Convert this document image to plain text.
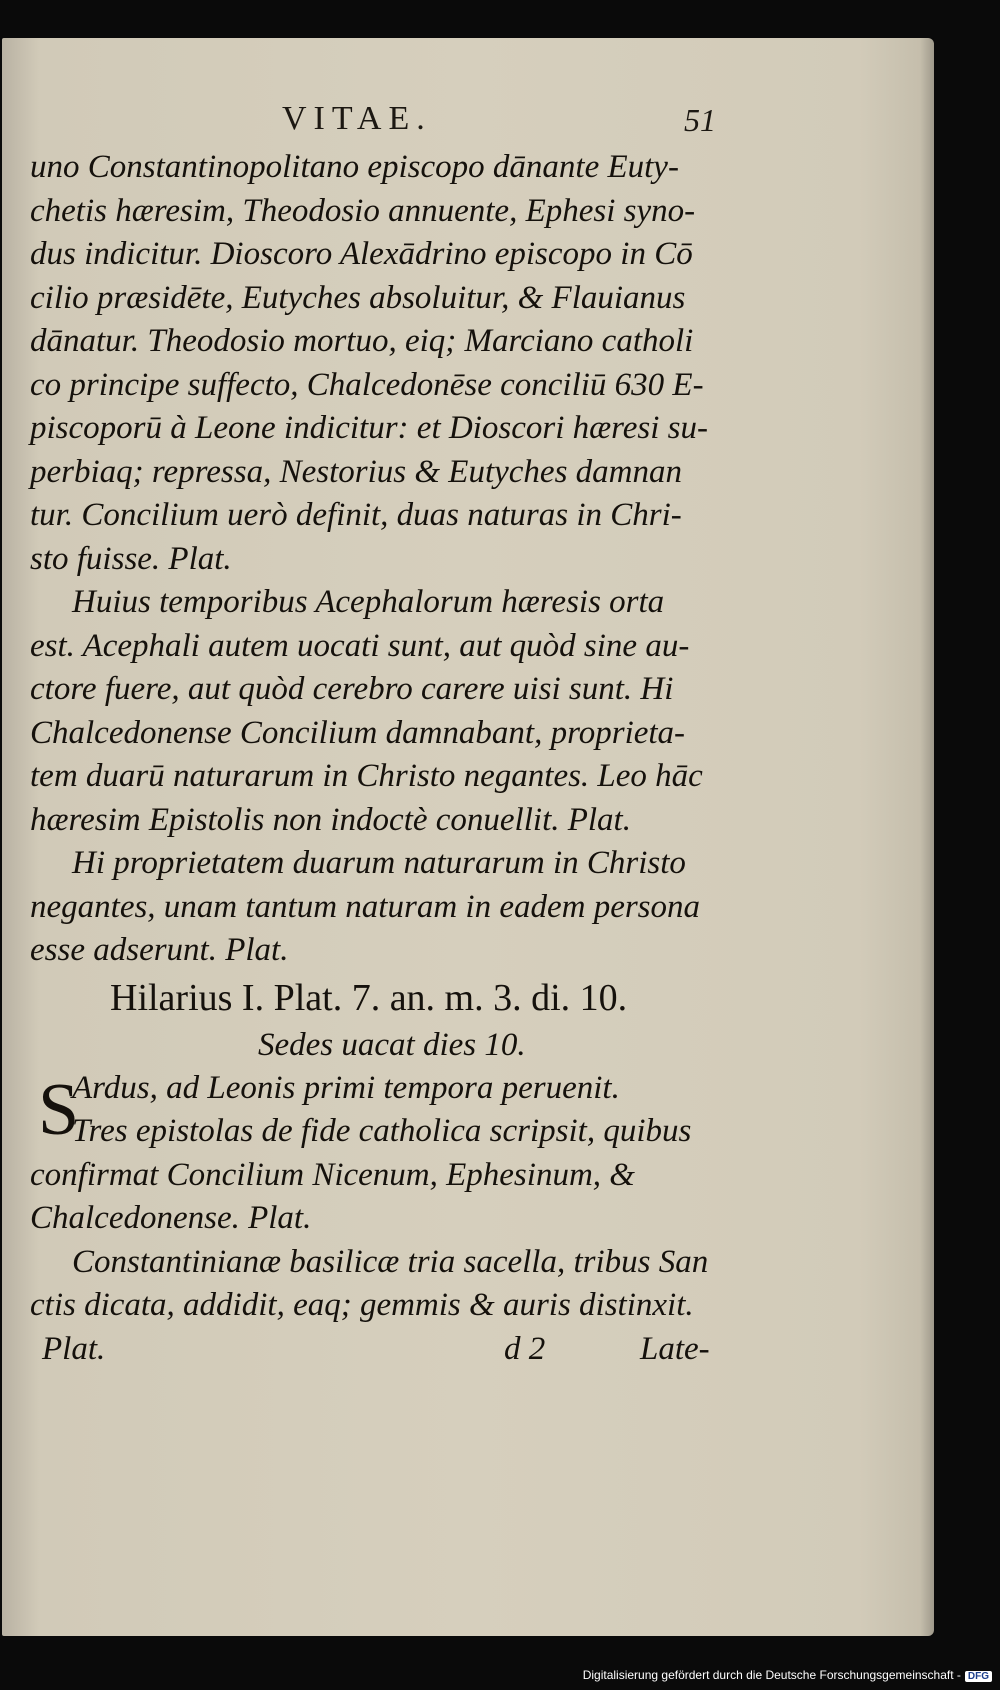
VITAE.	51
uno Constantinopolitano episcopo dānante Euty-
chetis hæresim, Theodosio annuente, Ephesi syno-
dus indicitur. Dioscoro Alexādrino episcopo in Cō
cilio præsidēte, Eutyches absoluitur, & Flauianus
dānatur. Theodosio mortuo, eiq; Marciano catholi
co principe suffecto, Chalcedonēse conciliū 630 E-
piscoporū à Leone indicitur: et Dioscori hæresi su-
perbiaq; repressa, Nestorius & Eutyches damnan
tur. Concilium uerò definit, duas naturas in Chri-
sto fuisse. Plat.
Huius temporibus Acephalorum hæresis orta
est. Acephali autem uocati sunt, aut quòd sine au-
ctore fuere, aut quòd cerebro carere uisi sunt. Hi
Chalcedonense Concilium damnabant, proprieta-
tem duarū naturarum in Christo negantes. Leo hāc
hæresim Epistolis non indoctè conuellit. Plat.
Hi proprietatem duarum naturarum in Christo
negantes, unam tantum naturam in eadem persona
esse adserunt. Plat.
Hilarius I. Plat. 7. an. m. 3. di. 10.
Sedes uacat dies 10.
S
Ardus, ad Leonis primi tempora peruenit.
Tres epistolas de fide catholica scripsit, quibus
confirmat Concilium Nicenum, Ephesinum, &
Chalcedonense. Plat.
Constantinianæ basilicæ tria sacella, tribus San
ctis dicata, addidit, eaq; gemmis & auris distinxit.
Plat.	d 2	Late-
Digitalisierung gefördert durch die Deutsche Forschungsgemeinschaft - DFG
